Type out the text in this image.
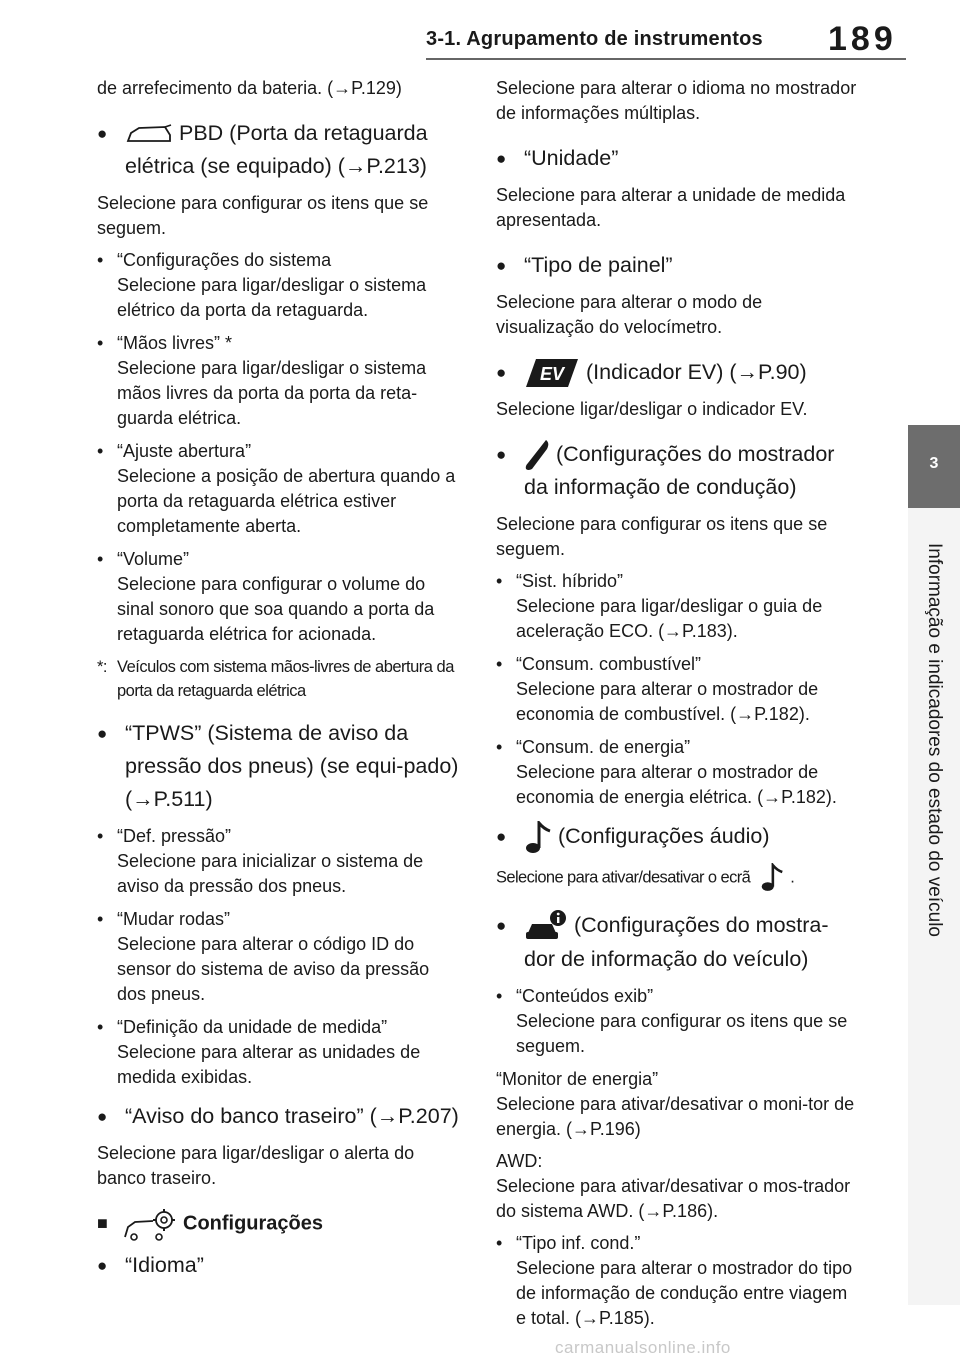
3-1. Agrupamento de instrumentos 189
3
Informação e indicadores do estado do veículo

de arrefecimento da bateria. (→P.129)

●	PBD (Porta da retaguarda elétrica (se equipado) (→P.213)

Selecione para configurar os itens que se seguem.

• “Configurações do sistema
Selecione para ligar/desligar o sistema elétrico da porta da retaguarda.
• “Mãos livres” *
Selecione para ligar/desligar o sistema mãos livres da porta da porta da reta-guarda elétrica.
• “Ajuste abertura”
Selecione a posição de abertura quando a porta da retaguarda elétrica estiver completamente aberta.
• “Volume”
Selecione para configurar o volume do sinal sonoro que soa quando a porta da retaguarda elétrica for acionada.
*: Veículos com sistema mãos-livres de abertura da porta da retaguarda elétrica
● “TPWS” (Sistema de aviso da pressão dos pneus) (se equi-pado) (→P.511)
• “Def. pressão”
Selecione para inicializar o sistema de aviso da pressão dos pneus.
• “Mudar rodas”
Selecione para alterar o código ID do sensor do sistema de aviso da pressão dos pneus.
• “Definição da unidade de medida”
Selecione para alterar as unidades de medida exibidas.
● “Aviso do banco traseiro” (→P.207)

Selecione para ligar/desligar o alerta do banco traseiro.

■	Configurações
● “Idioma”

Selecione para alterar o idioma no mostrador de informações múltiplas.

● “Unidade”

Selecione para alterar a unidade de medida apresentada.

● “Tipo de painel”

Selecione para alterar o modo de visualização do velocímetro.

●	EV (Indicador EV) (→P.90)

Selecione ligar/desligar o indicador EV.

●	(Configurações do mostrador da informação de condução)

Selecione para configurar os itens que se seguem.

• “Sist. híbrido”
Selecione para ligar/desligar o guia de aceleração ECO. (→P.183).
• “Consum. combustível”
Selecione para alterar o mostrador de economia de combustível. (→P.182).
• “Consum. de energia”
Selecione para alterar o mostrador de economia de energia elétrica. (→P.182).
●	(Configurações áudio)

Selecione para ativar/desativar o ecrã .

●	(Configurações do mostra-dor de informação do veículo)
• “Conteúdos exib”
Selecione para configurar os itens que se seguem.

“Monitor de energia”
Selecione para ativar/desativar o moni-tor de energia. (→P.196)

AWD:
Selecione para ativar/desativar o mos-trador do sistema AWD. (→P.186).

• “Tipo inf. cond.”
Selecione para alterar o mostrador do tipo de informação de condução entre viagem e total. (→P.185).
carmanualsonline.info
